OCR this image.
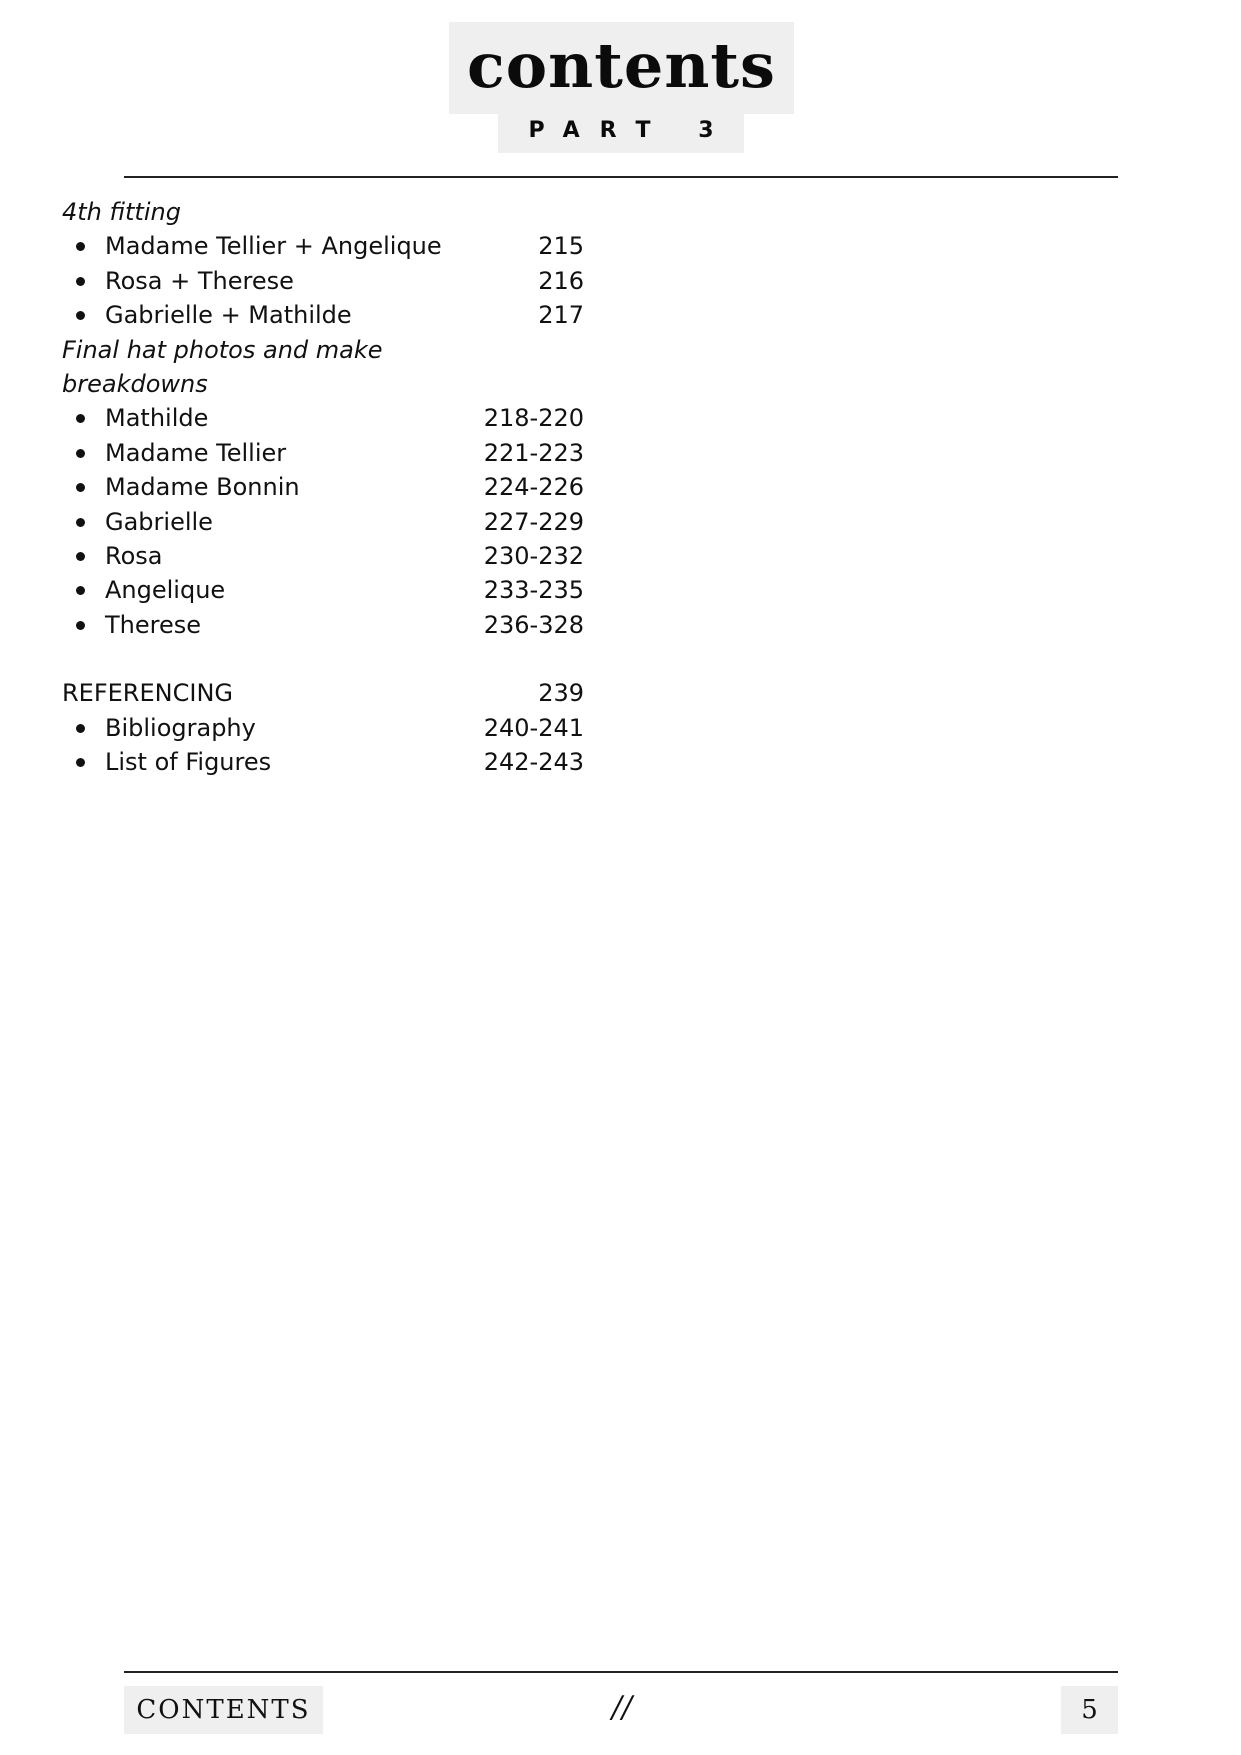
contents
PART 3
4th fitting
Madame Tellier + Angelique	215
Rosa + Therese	216
Gabrielle + Mathilde	217
Final hat photos and make
breakdowns
Mathilde	218-220
Madame Tellier	221-223
Madame Bonnin	224-226
Gabrielle	227-229
Rosa	230-232
Angelique	233-235
Therese	236-328
REFERENCING	239
Bibliography	240-241
List of Figures	242-243
CONTENTS	//	5
